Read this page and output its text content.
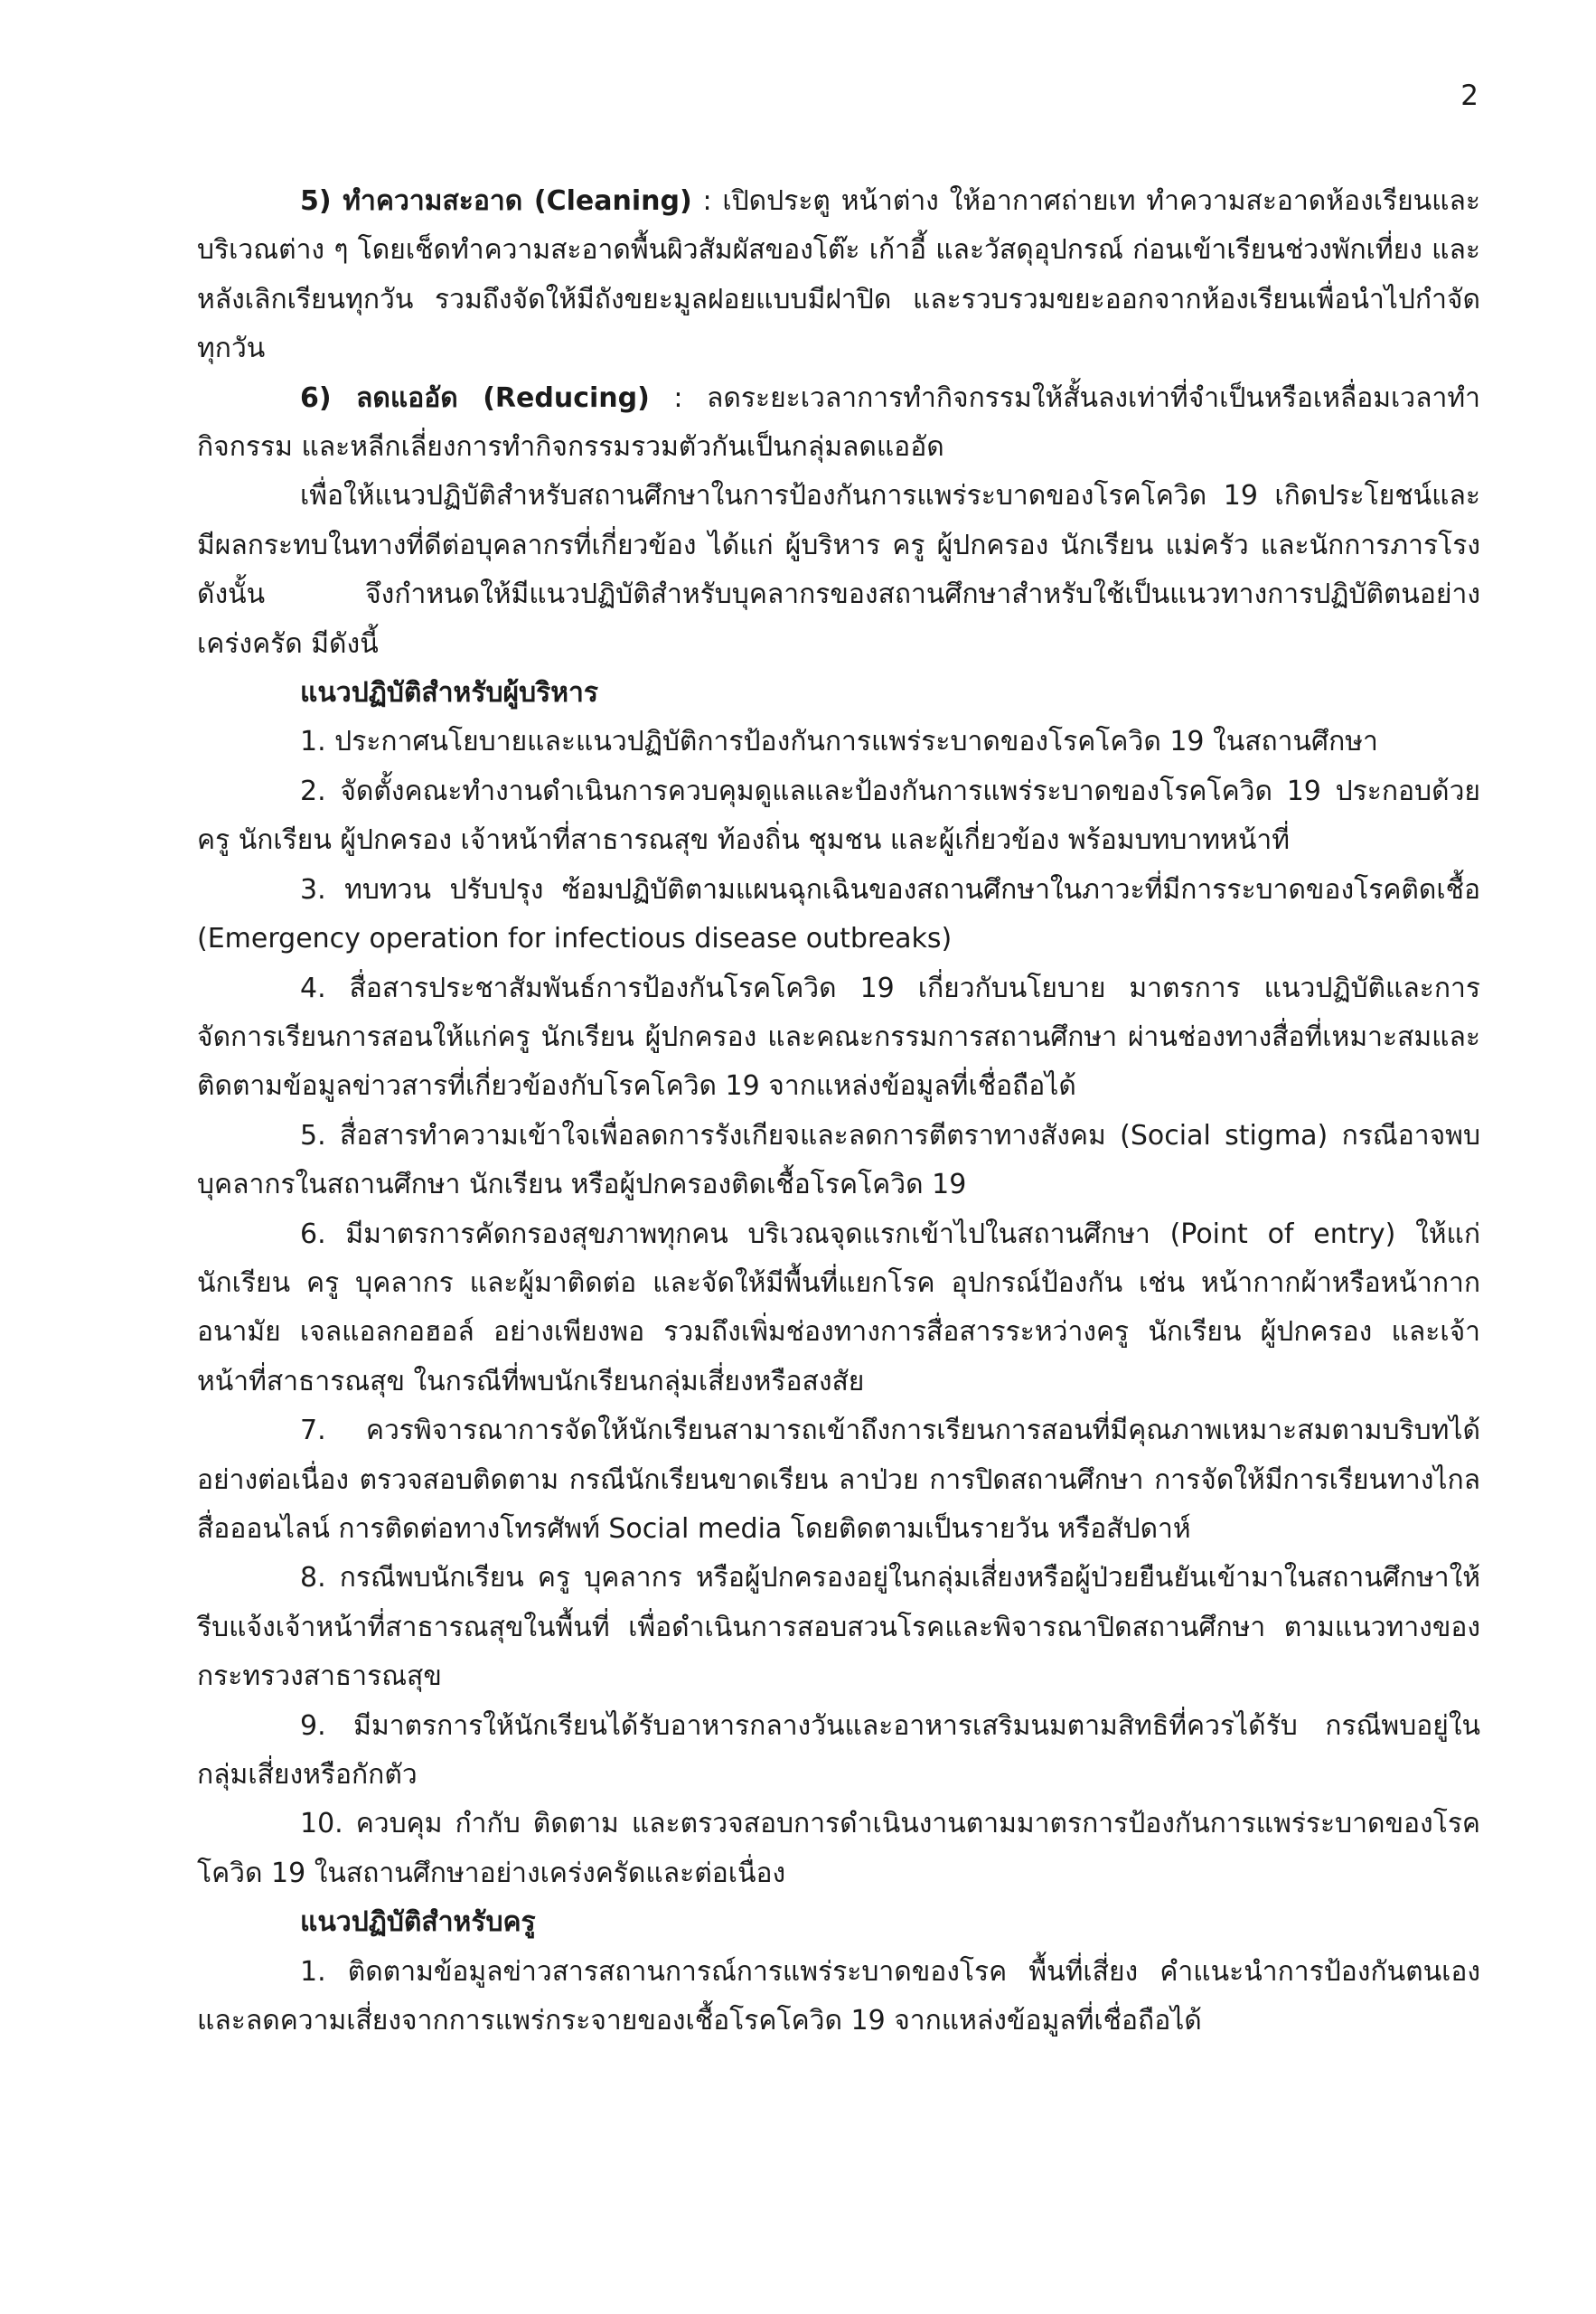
2

5) ทำความสะอาด (Cleaning) : เปิดประตู หน้าต่าง ให้อากาศถ่ายเท ทำความสะอาดห้องเรียนและบริเวณต่าง ๆ โดยเช็ดทำความสะอาดพื้นผิวสัมผัสของโต๊ะ เก้าอี้ และวัสดุอุปกรณ์ ก่อนเข้าเรียนช่วงพักเที่ยง และหลังเลิกเรียนทุกวัน รวมถึงจัดให้มีถังขยะมูลฝอยแบบมีฝาปิด และรวบรวมขยะออกจากห้องเรียนเพื่อนำไปกำจัดทุกวัน

6) ลดแออัด (Reducing) : ลดระยะเวลาการทำกิจกรรมให้สั้นลงเท่าที่จำเป็นหรือเหลื่อมเวลาทำกิจกรรม และหลีกเลี่ยงการทำกิจกรรมรวมตัวกันเป็นกลุ่มลดแออัด

เพื่อให้แนวปฏิบัติสำหรับสถานศึกษาในการป้องกันการแพร่ระบาดของโรคโควิด 19 เกิดประโยชน์และมีผลกระทบในทางที่ดีต่อบุคลากรที่เกี่ยวข้อง ได้แก่ ผู้บริหาร ครู ผู้ปกครอง นักเรียน แม่ครัว และนักการภารโรง ดังนั้น จึงกำหนดให้มีแนวปฏิบัติสำหรับบุคลากรของสถานศึกษาสำหรับใช้เป็นแนวทางการปฏิบัติตนอย่างเคร่งครัด มีดังนี้

แนวปฏิบัติสำหรับผู้บริหาร

1. ประกาศนโยบายและแนวปฏิบัติการป้องกันการแพร่ระบาดของโรคโควิด 19 ในสถานศึกษา

2. จัดตั้งคณะทำงานดำเนินการควบคุมดูแลและป้องกันการแพร่ระบาดของโรคโควิด 19 ประกอบด้วยครู นักเรียน ผู้ปกครอง เจ้าหน้าที่สาธารณสุข ท้องถิ่น ชุมชน และผู้เกี่ยวข้อง พร้อมบทบาทหน้าที่

3. ทบทวน ปรับปรุง ซ้อมปฏิบัติตามแผนฉุกเฉินของสถานศึกษาในภาวะที่มีการระบาดของโรคติดเชื้อ (Emergency operation for infectious disease outbreaks)

4. สื่อสารประชาสัมพันธ์การป้องกันโรคโควิด 19 เกี่ยวกับนโยบาย มาตรการ แนวปฏิบัติและการจัดการเรียนการสอนให้แก่ครู นักเรียน ผู้ปกครอง และคณะกรรมการสถานศึกษา ผ่านช่องทางสื่อที่เหมาะสมและติดตามข้อมูลข่าวสารที่เกี่ยวข้องกับโรคโควิด 19 จากแหล่งข้อมูลที่เชื่อถือได้

5. สื่อสารทำความเข้าใจเพื่อลดการรังเกียจและลดการตีตราทางสังคม (Social stigma) กรณีอาจพบบุคลากรในสถานศึกษา นักเรียน หรือผู้ปกครองติดเชื้อโรคโควิด 19

6. มีมาตรการคัดกรองสุขภาพทุกคน บริเวณจุดแรกเข้าไปในสถานศึกษา (Point of entry) ให้แก่นักเรียน ครู บุคลากร และผู้มาติดต่อ และจัดให้มีพื้นที่แยกโรค อุปกรณ์ป้องกัน เช่น หน้ากากผ้าหรือหน้ากากอนามัย เจลแอลกอฮอล์ อย่างเพียงพอ รวมถึงเพิ่มช่องทางการสื่อสารระหว่างครู นักเรียน ผู้ปกครอง และเจ้าหน้าที่สาธารณสุข ในกรณีที่พบนักเรียนกลุ่มเสี่ยงหรือสงสัย

7. ควรพิจารณาการจัดให้นักเรียนสามารถเข้าถึงการเรียนการสอนที่มีคุณภาพเหมาะสมตามบริบทได้อย่างต่อเนื่อง ตรวจสอบติดตาม กรณีนักเรียนขาดเรียน ลาป่วย การปิดสถานศึกษา การจัดให้มีการเรียนทางไกล สื่อออนไลน์ การติดต่อทางโทรศัพท์ Social media โดยติดตามเป็นรายวัน หรือสัปดาห์

8. กรณีพบนักเรียน ครู บุคลากร หรือผู้ปกครองอยู่ในกลุ่มเสี่ยงหรือผู้ป่วยยืนยันเข้ามาในสถานศึกษาให้รีบแจ้งเจ้าหน้าที่สาธารณสุขในพื้นที่ เพื่อดำเนินการสอบสวนโรคและพิจารณาปิดสถานศึกษา ตามแนวทางของกระทรวงสาธารณสุข

9. มีมาตรการให้นักเรียนได้รับอาหารกลางวันและอาหารเสริมนมตามสิทธิที่ควรได้รับ กรณีพบอยู่ในกลุ่มเสี่ยงหรือกักตัว

10. ควบคุม กำกับ ติดตาม และตรวจสอบการดำเนินงานตามมาตรการป้องกันการแพร่ระบาดของโรคโควิด 19 ในสถานศึกษาอย่างเคร่งครัดและต่อเนื่อง

แนวปฏิบัติสำหรับครู

1. ติดตามข้อมูลข่าวสารสถานการณ์การแพร่ระบาดของโรค พื้นที่เสี่ยง คำแนะนำการป้องกันตนเองและลดความเสี่ยงจากการแพร่กระจายของเชื้อโรคโควิด 19 จากแหล่งข้อมูลที่เชื่อถือได้
